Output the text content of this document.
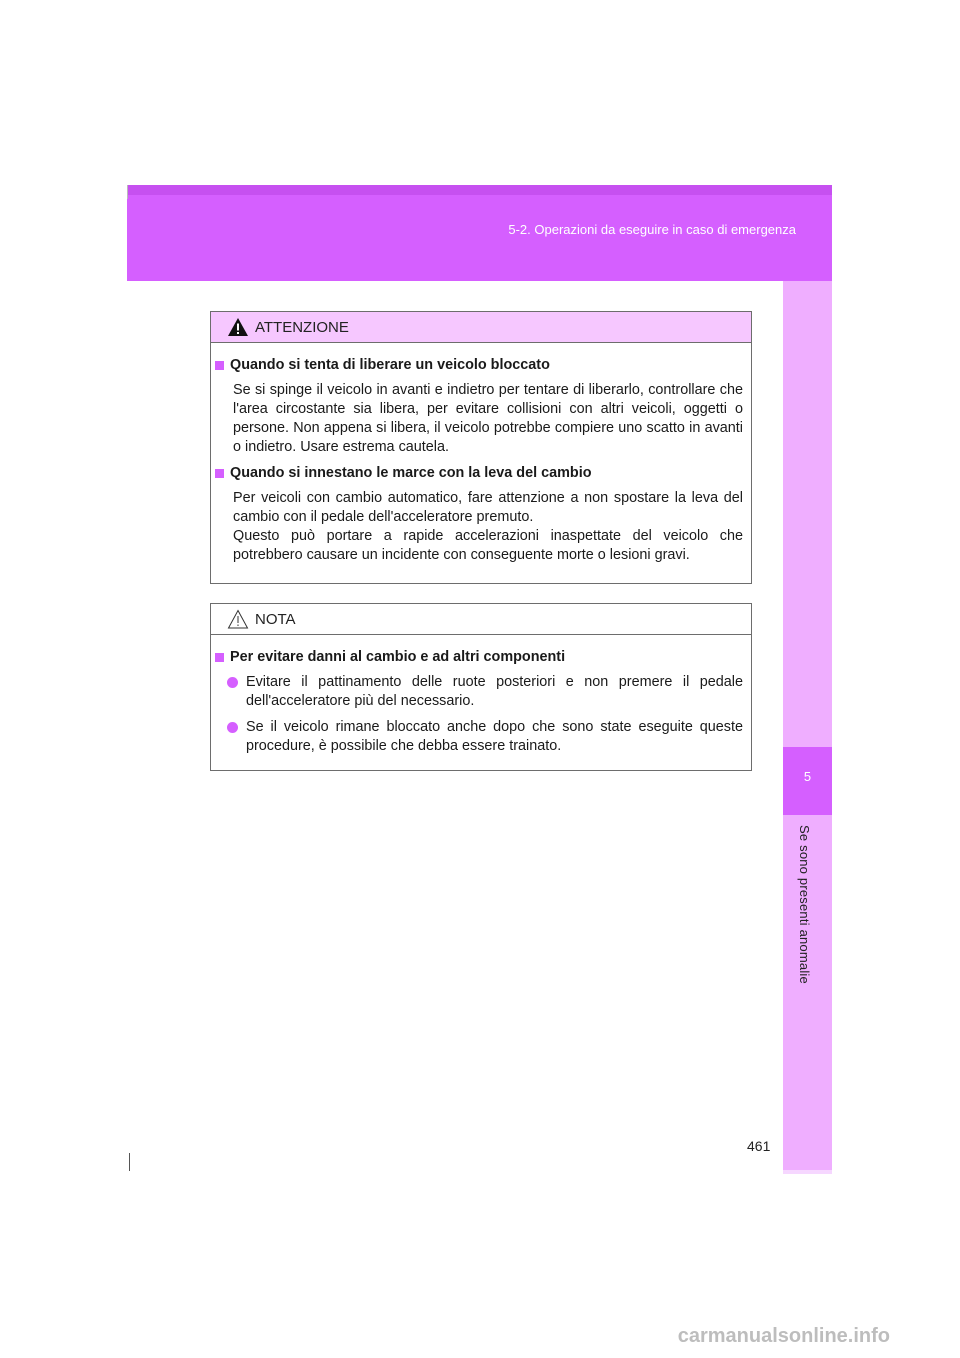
5-2. Operazioni da eseguire in caso di emergenza
5
Se sono presenti anomalie
ATTENZIONE
Quando si tenta di liberare un veicolo bloccato
Se si spinge il veicolo in avanti e indietro per tentare di liberarlo, controllare che l'area circostante sia libera, per evitare collisioni con altri veicoli, oggetti o persone. Non appena si libera, il veicolo potrebbe compiere uno scatto in avanti o indietro. Usare estrema cautela.
Quando si innestano le marce con la leva del cambio
Per veicoli con cambio automatico, fare attenzione a non spostare la leva del cambio con il pedale dell'acceleratore premuto.
Questo può portare a rapide accelerazioni inaspettate del veicolo che potrebbero causare un incidente con conseguente morte o lesioni gravi.
NOTA
Per evitare danni al cambio e ad altri componenti
Evitare il pattinamento delle ruote posteriori e non premere il pedale dell'acceleratore più del necessario.
Se il veicolo rimane bloccato anche dopo che sono state eseguite queste procedure, è possibile che debba essere trainato.
461
carmanualsonline.info
